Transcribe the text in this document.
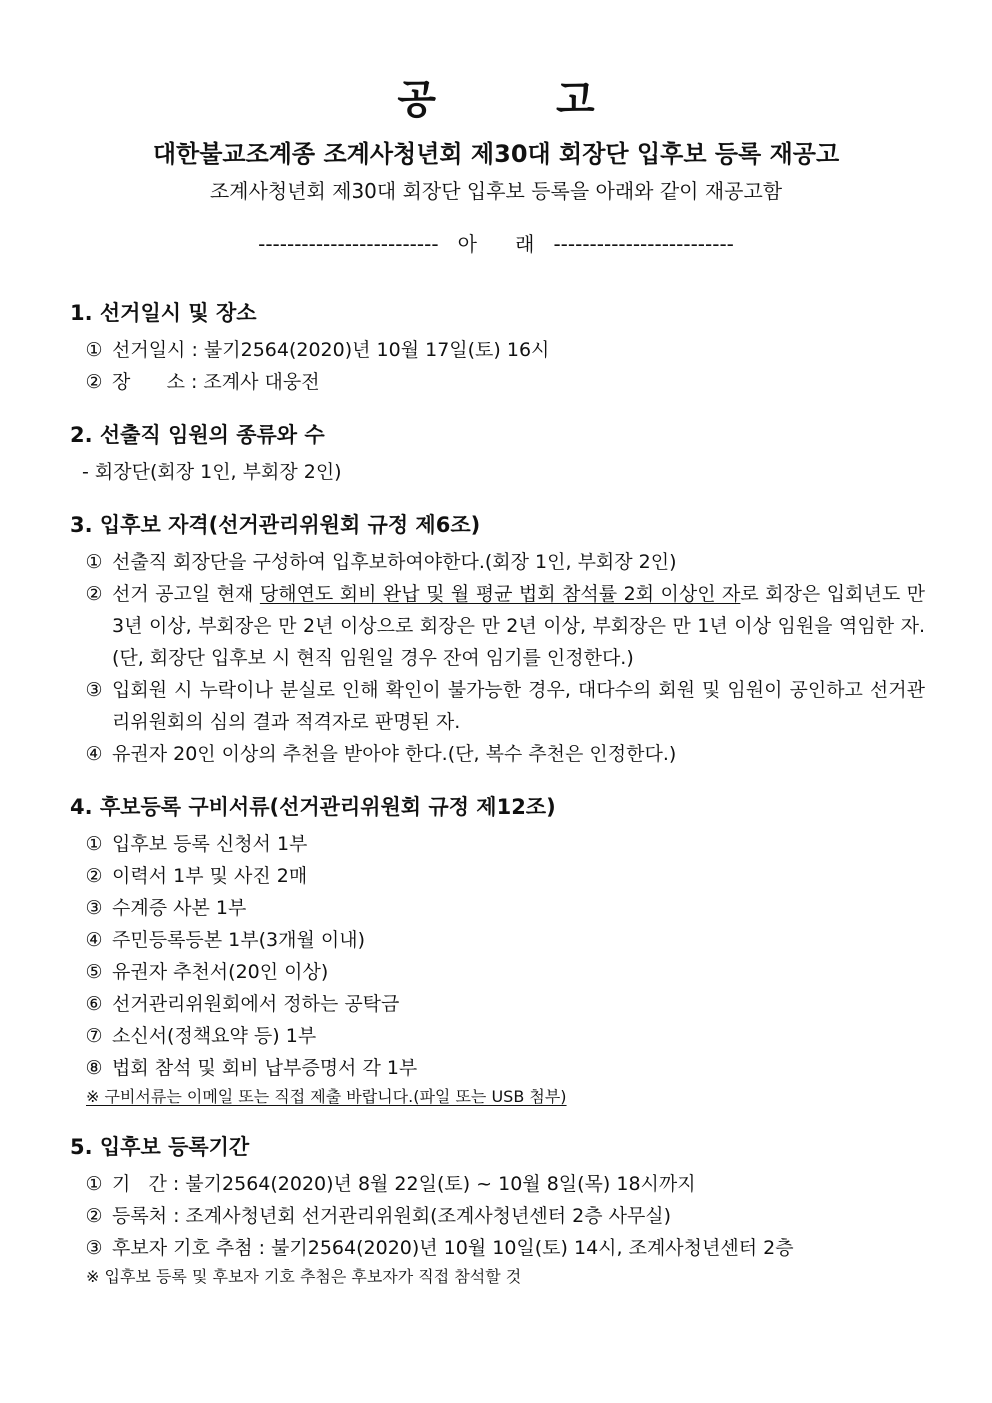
공고
대한불교조계종 조계사청년회 제30대 회장단 입후보 등록 재공고
조계사청년회 제30대 회장단 입후보 등록을 아래와 같이 재공고함
-------------------------   아      래   -------------------------
1. 선거일시 및 장소
① 선거일시 : 불기2564(2020)년 10월 17일(토) 16시
② 장      소 : 조계사 대웅전
2. 선출직 임원의 종류와 수
- 회장단(회장 1인, 부회장 2인)
3. 입후보 자격(선거관리위원회 규정 제6조)
① 선출직 회장단을 구성하여 입후보하여야한다.(회장 1인, 부회장 2인)
② 선거 공고일 현재 당해연도 회비 완납 및 월 평균 법회 참석률 2회 이상인 자로 회장은 입회년도 만 3년 이상, 부회장은 만 2년 이상으로 회장은 만 2년 이상, 부회장은 만 1년 이상 임원을 역임한 자.(단, 회장단 입후보 시 현직 임원일 경우 잔여 임기를 인정한다.)
③ 입회원 시 누락이나 분실로 인해 확인이 불가능한 경우, 대다수의 회원 및 임원이 공인하고 선거관리위원회의 심의 결과 적격자로 판명된 자.
④ 유권자 20인 이상의 추천을 받아야 한다.(단, 복수 추천은 인정한다.)
4. 후보등록 구비서류(선거관리위원회 규정 제12조)
① 입후보 등록 신청서 1부
② 이력서 1부 및 사진 2매
③ 수계증 사본 1부
④ 주민등록등본 1부(3개월 이내)
⑤ 유권자 추천서(20인 이상)
⑥ 선거관리위원회에서 정하는 공탁금
⑦ 소신서(정책요약 등) 1부
⑧ 법회 참석 및 회비 납부증명서 각 1부
※ 구비서류는 이메일 또는 직접 제출 바랍니다.(파일 또는 USB 첨부)
5. 입후보 등록기간
① 기   간 : 불기2564(2020)년 8월 22일(토) ~ 10월 8일(목) 18시까지
② 등록처 : 조계사청년회 선거관리위원회(조계사청년센터 2층 사무실)
③ 후보자 기호 추첨 : 불기2564(2020)년 10월 10일(토) 14시, 조계사청년센터 2층
※ 입후보 등록 및 후보자 기호 추첨은 후보자가 직접 참석할 것
